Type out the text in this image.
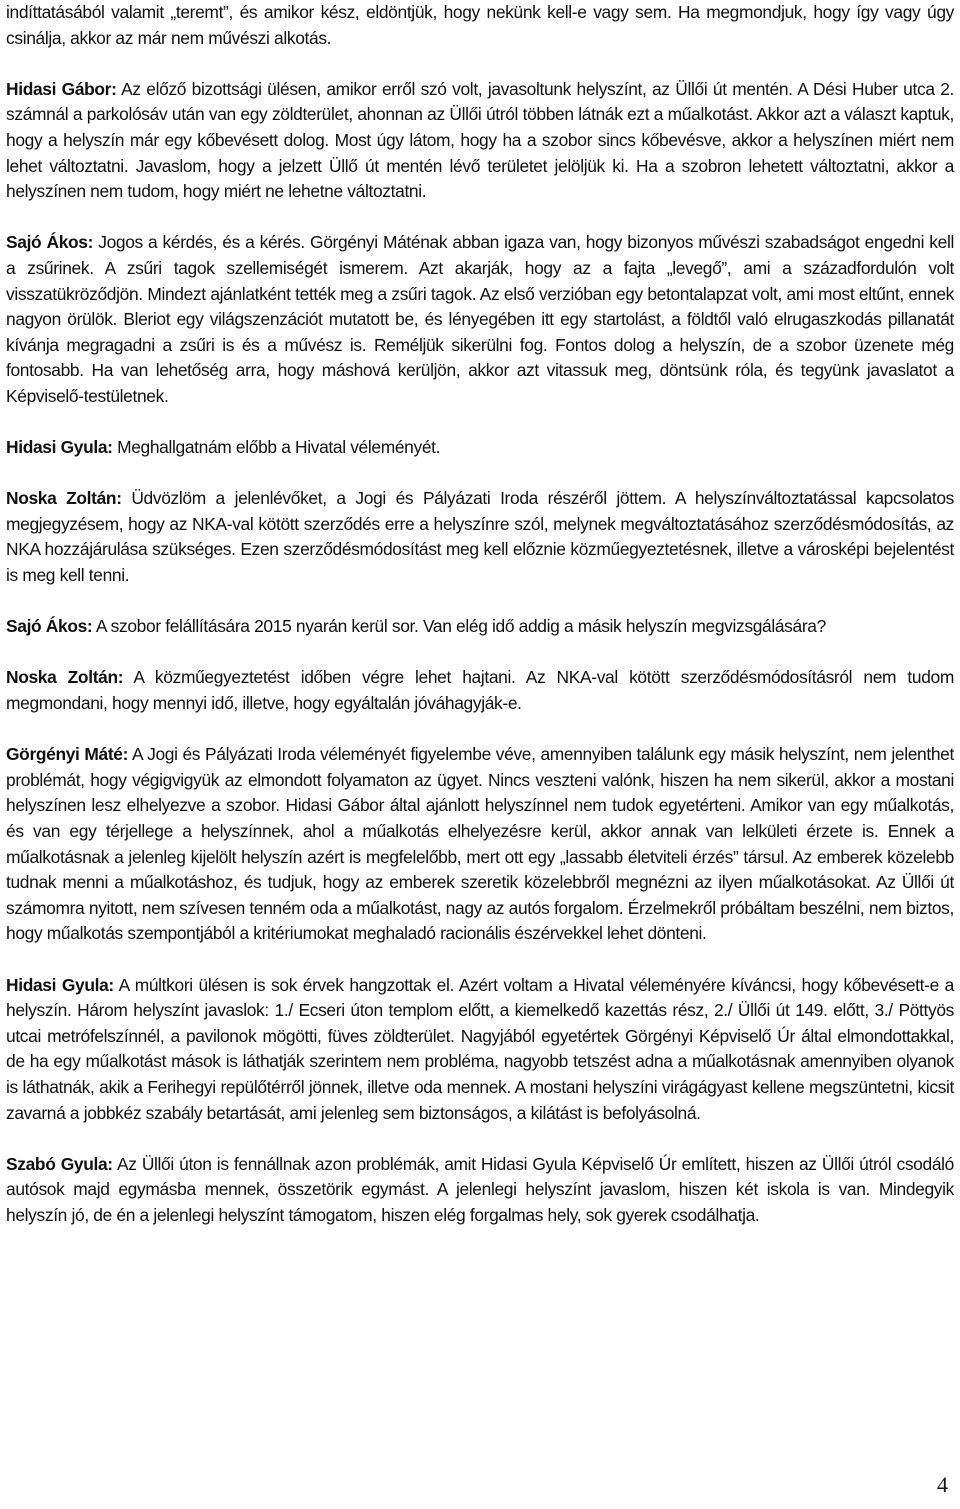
indíttatásából valamit „teremt”, és amikor kész, eldöntjük, hogy nekünk kell-e vagy sem. Ha megmondjuk, hogy így vagy úgy csinálja, akkor az már nem művészi alkotás.

Hidasi Gábor: Az előző bizottsági ülésen, amikor erről szó volt, javasoltunk helyszínt, az Üllői út mentén. A Dési Huber utca 2. számnál a parkolósáv után van egy zöldterület, ahonnan az Üllői útról többen látnák ezt a műalkotást. Akkor azt a választ kaptuk, hogy a helyszín már egy kőbevésett dolog. Most úgy látom, hogy ha a szobor sincs kőbevésve, akkor a helyszínen miért nem lehet változtatni. Javaslom, hogy a jelzett Üllő út mentén lévő területet jelöljük ki. Ha a szobron lehetett változtatni, akkor a helyszínen nem tudom, hogy miért ne lehetne változtatni.

Sajó Ákos: Jogos a kérdés, és a kérés. Görgényi Máténak abban igaza van, hogy bizonyos művészi szabadságot engedni kell a zsűrinek. A zsűri tagok szellemiségét ismerem. Azt akarják, hogy az a fajta „levegő”, ami a századfordulón volt visszatükröződjön. Mindezt ajánlatként tették meg a zsűri tagok. Az első verzióban egy betontalapzat volt, ami most eltűnt, ennek nagyon örülök. Bleriot egy világszenzációt mutatott be, és lényegében itt egy startolást, a földtől való elrugaszkodás pillanatát kívánja megragadni a zsűri is és a művész is. Reméljük sikerülni fog. Fontos dolog a helyszín, de a szobor üzenete még fontosabb. Ha van lehetőség arra, hogy máshová kerüljön, akkor azt vitassuk meg, döntsünk róla, és tegyünk javaslatot a Képviselő-testületnek.

Hidasi Gyula: Meghallgatnám előbb a Hivatal véleményét.

Noska Zoltán: Üdvözlöm a jelenlévőket, a Jogi és Pályázati Iroda részéről jöttem. A helyszínváltoztatással kapcsolatos megjegyzésem, hogy az NKA-val kötött szerződés erre a helyszínre szól, melynek megváltoztatásához szerződésmódosítás, az NKA hozzájárulása szükséges. Ezen szerződésmódosítást meg kell előznie közműegyeztetésnek, illetve a városképi bejelentést is meg kell tenni.

Sajó Ákos: A szobor felállítására 2015 nyarán kerül sor. Van elég idő addig a másik helyszín megvizsgálására?

Noska Zoltán: A közműegyeztetést időben végre lehet hajtani. Az NKA-val kötött szerződésmódosításról nem tudom megmondani, hogy mennyi idő, illetve, hogy egyáltalán jóváhagyják-e.

Görgényi Máté: A Jogi és Pályázati Iroda véleményét figyelembe véve, amennyiben találunk egy másik helyszínt, nem jelenthet problémát, hogy végigvigyük az elmondott folyamaton az ügyet. Nincs veszteni valónk, hiszen ha nem sikerül, akkor a mostani helyszínen lesz elhelyezve a szobor. Hidasi Gábor által ajánlott helyszínnel nem tudok egyetérteni. Amikor van egy műalkotás, és van egy térjellege a helyszínnek, ahol a műalkotás elhelyezésre kerül, akkor annak van lelkületi érzete is. Ennek a műalkotásnak a jelenleg kijelölt helyszín azért is megfelelőbb, mert ott egy „lassabb életviteli érzés” társul. Az emberek közelebb tudnak menni a műalkotáshoz, és tudjuk, hogy az emberek szeretik közelebbről megnézni az ilyen műalkotásokat. Az Üllői út számomra nyitott, nem szívesen tenném oda a műalkotást, nagy az autós forgalom. Érzelmekről próbáltam beszélni, nem biztos, hogy műalkotás szempontjából a kritériumokat meghaladó racionális észérvekkel lehet dönteni.

Hidasi Gyula: A múltkori ülésen is sok érvek hangzottak el. Azért voltam a Hivatal véleményére kíváncsi, hogy kőbevésett-e a helyszín. Három helyszínt javaslok: 1./ Ecseri úton templom előtt, a kiemelkedő kazettás rész, 2./ Üllői út 149. előtt, 3./ Pöttyös utcai metrófelszínnél, a pavilonok mögötti, füves zöldterület. Nagyjából egyetértek Görgényi Képviselő Úr által elmondottakkal, de ha egy műalkotást mások is láthatják szerintem nem probléma, nagyobb tetszést adna a műalkotásnak amennyiben olyanok is láthatnák, akik a Ferihegyi repülőtérről jönnek, illetve oda mennek. A mostani helyszíni virágágyast kellene megszüntetni, kicsit zavarná a jobbkéz szabály betartását, ami jelenleg sem biztonságos, a kilátást is befolyásolná.

Szabó Gyula: Az Üllői úton is fennállnak azon problémák, amit Hidasi Gyula Képviselő Úr említett, hiszen az Üllői útról csodáló autósok majd egymásba mennek, összetörik egymást. A jelenlegi helyszínt javaslom, hiszen két iskola is van. Mindegyik helyszín jó, de én a jelenlegi helyszínt támogatom, hiszen elég forgalmas hely, sok gyerek csodálhatja.

4
